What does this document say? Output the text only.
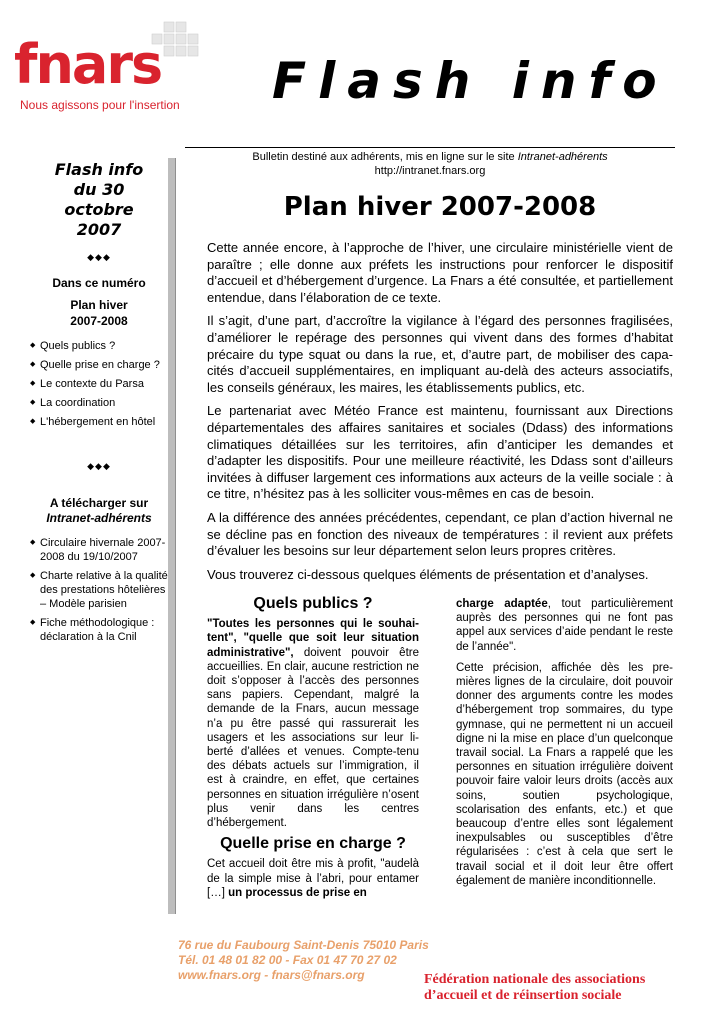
fnars
Nous agissons pour l'insertion Flash info
Flash info
du 30
octobre
2007
◆◆◆
Dans ce numéro
Plan hiver
2007-2008
◆ Quels publics ?
◆ Quelle prise en charge ?
◆ Le contexte du Parsa
◆ La coordination
◆ L'hébergement en hôtel
◆◆◆
A télécharger sur
Intranet-adhérents
◆ Circulaire hivernale 2007-2008 du 19/10/2007
◆ Charte relative à la qualité des prestations hôtelières – Modèle parisien
◆ Fiche méthodologique : déclaration à la Cnil
Bulletin destiné aux adhérents, mis en ligne sur le site Intranet-adhérents
http://intranet.fnars.org
Plan hiver 2007-2008

Cette année encore, à l’approche de l’hiver, une circulaire ministérielle vient de paraître ; elle donne aux préfets les instructions pour renforcer le dispositif d’accueil et d’hébergement d’urgence. La Fnars a été consultée, et partiellement entendue, dans l’élaboration de ce texte.

Il s’agit, d’une part, d’accroître la vigilance à l’égard des personnes fragilisées, d’améliorer le repérage des personnes qui vivent dans des formes d’habitat précaire du type squat ou dans la rue, et, d’autre part, de mobiliser des capacités d’accueil supplémentaires, en impliquant au-delà des acteurs associatifs, les conseils généraux, les maires, les établissements publics, etc.

Le partenariat avec Météo France est maintenu, fournissant aux Directions départementales des affaires sanitaires et sociales (Ddass) des informations climatiques détaillées sur les territoires, afin d’anticiper les demandes et d’adapter les dispositifs. Pour une meilleure réactivité, les Ddass sont d’ailleurs invitées à diffuser largement ces informations aux acteurs de la veille sociale : à ce titre, n’hésitez pas à les solliciter vous-mêmes en cas de besoin.

A la différence des années précédentes, cependant, ce plan d’action hivernal ne se décline pas en fonction des niveaux de températures : il revient aux préfets d’évaluer les besoins sur leur département selon leurs propres critères.

Vous trouverez ci-dessous quelques éléments de présentation et d’analyses.

Quels publics ?

"Toutes les personnes qui le souhaitent", "quelle que soit leur situation administrative", doivent pouvoir être accueillies. En clair, aucune restriction ne doit s’opposer à l’accès des personnes sans papiers. Cependant, malgré la demande de la Fnars, aucun message n’a pu être passé qui rassurerait les usagers et les associations sur leur liberté d’allées et venues. Compte-tenu des débats actuels sur l’immigration, il est à craindre, en effet, que certaines personnes en situation irrégulière n’osent plus venir dans les centres d’hébergement.

Quelle prise en charge ?

Cet accueil doit être mis à profit, "audelà de la simple mise à l’abri, pour entamer […] un processus de prise en

charge adaptée, tout particulièrement auprès des personnes qui ne font pas appel aux services d’aide pendant le reste de l’année".

Cette précision, affichée dès les premières lignes de la circulaire, doit pouvoir donner des arguments contre les modes d’hébergement trop sommaires, du type gymnase, qui ne permettent ni un accueil digne ni la mise en place d’un quelconque travail social. La Fnars a rappelé que les personnes en situation irrégulière doivent pouvoir faire valoir leurs droits (accès aux soins, soutien psychologique, scolarisation des enfants, etc.) et que beaucoup d’entre elles sont légalement inexpulsables ou susceptibles d’être régularisées : c’est à cela que sert le travail social et il doit leur être offert également de manière inconditionnelle.

76 rue du Faubourg Saint-Denis 75010 Paris
Tél. 01 48 01 82 00 - Fax 01 47 70 27 02
www.fnars.org - fnars@fnars.org	Fédération nationale des associations
d’accueil et de réinsertion sociale
